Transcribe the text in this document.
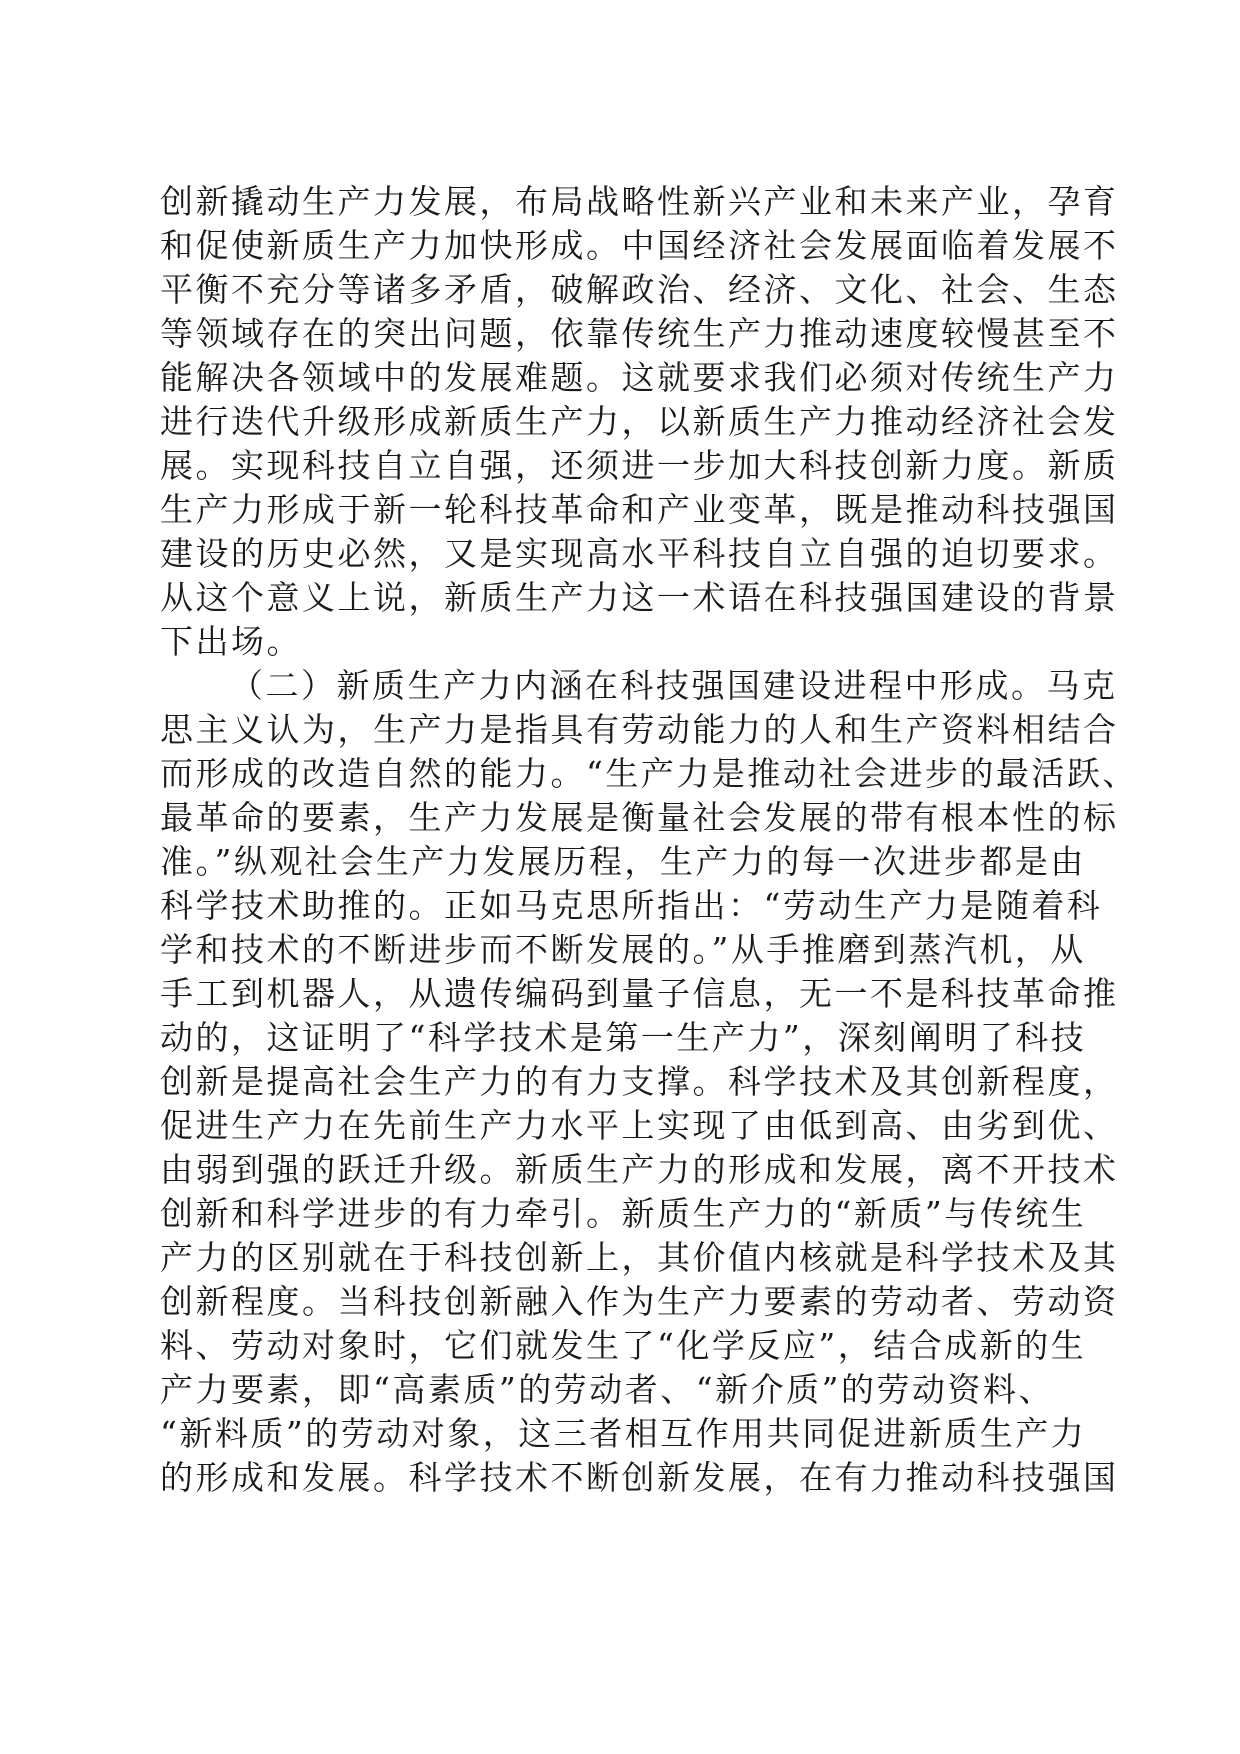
创新撬动生产力发展，布局战略性新兴产业和未来产业，孕育
和促使新质生产力加快形成。中国经济社会发展面临着发展不
平衡不充分等诸多矛盾，破解政治、经济、文化、社会、生态
等领域存在的突出问题，依靠传统生产力推动速度较慢甚至不
能解决各领域中的发展难题。这就要求我们必须对传统生产力
进行迭代升级形成新质生产力，以新质生产力推动经济社会发
展。实现科技自立自强，还须进一步加大科技创新力度。新质
生产力形成于新一轮科技革命和产业变革，既是推动科技强国
建设的历史必然，又是实现高水平科技自立自强的迫切要求。
从这个意义上说，新质生产力这一术语在科技强国建设的背景
下出场。
（二）新质生产力内涵在科技强国建设进程中形成。马克
思主义认为，生产力是指具有劳动能力的人和生产资料相结合
而形成的改造自然的能力。“生产力是推动社会进步的最活跃、
最革命的要素，生产力发展是衡量社会发展的带有根本性的标
准。”纵观社会生产力发展历程，生产力的每一次进步都是由
科学技术助推的。正如马克思所指出：“劳动生产力是随着科
学和技术的不断进步而不断发展的。”从手推磨到蒸汽机，从
手工到机器人，从遗传编码到量子信息，无一不是科技革命推
动的，这证明了“科学技术是第一生产力”，深刻阐明了科技
创新是提高社会生产力的有力支撑。科学技术及其创新程度，
促进生产力在先前生产力水平上实现了由低到高、由劣到优、
由弱到强的跃迁升级。新质生产力的形成和发展，离不开技术
创新和科学进步的有力牵引。新质生产力的“新质”与传统生
产力的区别就在于科技创新上，其价值内核就是科学技术及其
创新程度。当科技创新融入作为生产力要素的劳动者、劳动资
料、劳动对象时，它们就发生了“化学反应”，结合成新的生
产力要素，即“高素质”的劳动者、“新介质”的劳动资料、
“新料质”的劳动对象，这三者相互作用共同促进新质生产力
的形成和发展。科学技术不断创新发展，在有力推动科技强国
